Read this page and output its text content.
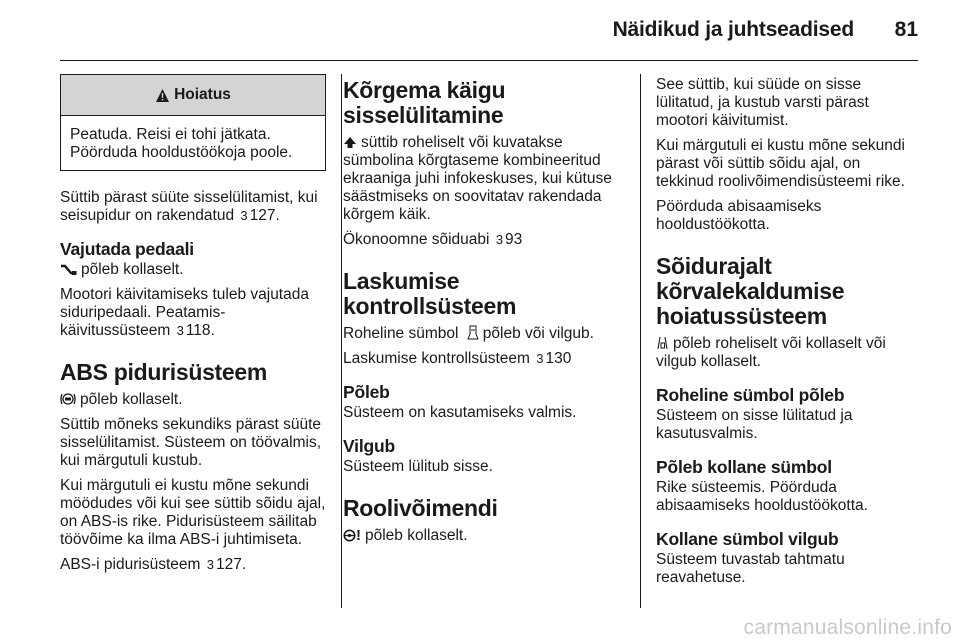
Näidikud ja juhtseadised 81
Hoiatus

Peatuda. Reisi ei tohi jätkata. Pöörduda hooldustöökoja poole.

Süttib pärast süüte sisselülitamist, kui seisupidur on rakendatud 3 127.

Vajutada pedaali

põleb kollaselt.

Mootori käivitamiseks tuleb vajutada siduripedaali. Peatamis-käivitussüsteem 3 118.

ABS pidurisüsteem

põleb kollaselt.

Süttib mõneks sekundiks pärast süüte sisselülitamist. Süsteem on töövalmis, kui märgutuli kustub.

Kui märgutuli ei kustu mõne sekundi möödudes või kui see süttib sõidu ajal, on ABS-is rike. Pidurisüsteem säilitab töövõime ka ilma ABS-i juhtimiseta.

ABS-i pidurisüsteem 3 127.

Kõrgema käigu sisselülitamine

süttib roheliselt või kuvatakse sümbolina kõrgtaseme kombineeritud ekraaniga juhi infokeskuses, kui kütuse säästmiseks on soovitatav rakendada kõrgem käik.

Ökonoomne sõiduabi 3 93

Laskumise kontrollsüsteem

Roheline sümbol põleb või vilgub.

Laskumise kontrollsüsteem 3 130

Põleb

Süsteem on kasutamiseks valmis.

Vilgub

Süsteem lülitub sisse.

Roolivõimendi

! põleb kollaselt.

See süttib, kui süüde on sisse lülitatud, ja kustub varsti pärast mootori käivitumist.

Kui märgutuli ei kustu mõne sekundi pärast või süttib sõidu ajal, on tekkinud roolivõimendisüsteemi rike.

Pöörduda abisaamiseks hooldustöökotta.

Sõidurajalt kõrvalekaldumise hoiatussüsteem

põleb roheliselt või kollaselt või vilgub kollaselt.

Roheline sümbol põleb

Süsteem on sisse lülitatud ja kasutusvalmis.

Põleb kollane sümbol

Rike süsteemis. Pöörduda abisaamiseks hooldustöökotta.

Kollane sümbol vilgub

Süsteem tuvastab tahtmatu reavahetuse.

carmanualsonline.info
